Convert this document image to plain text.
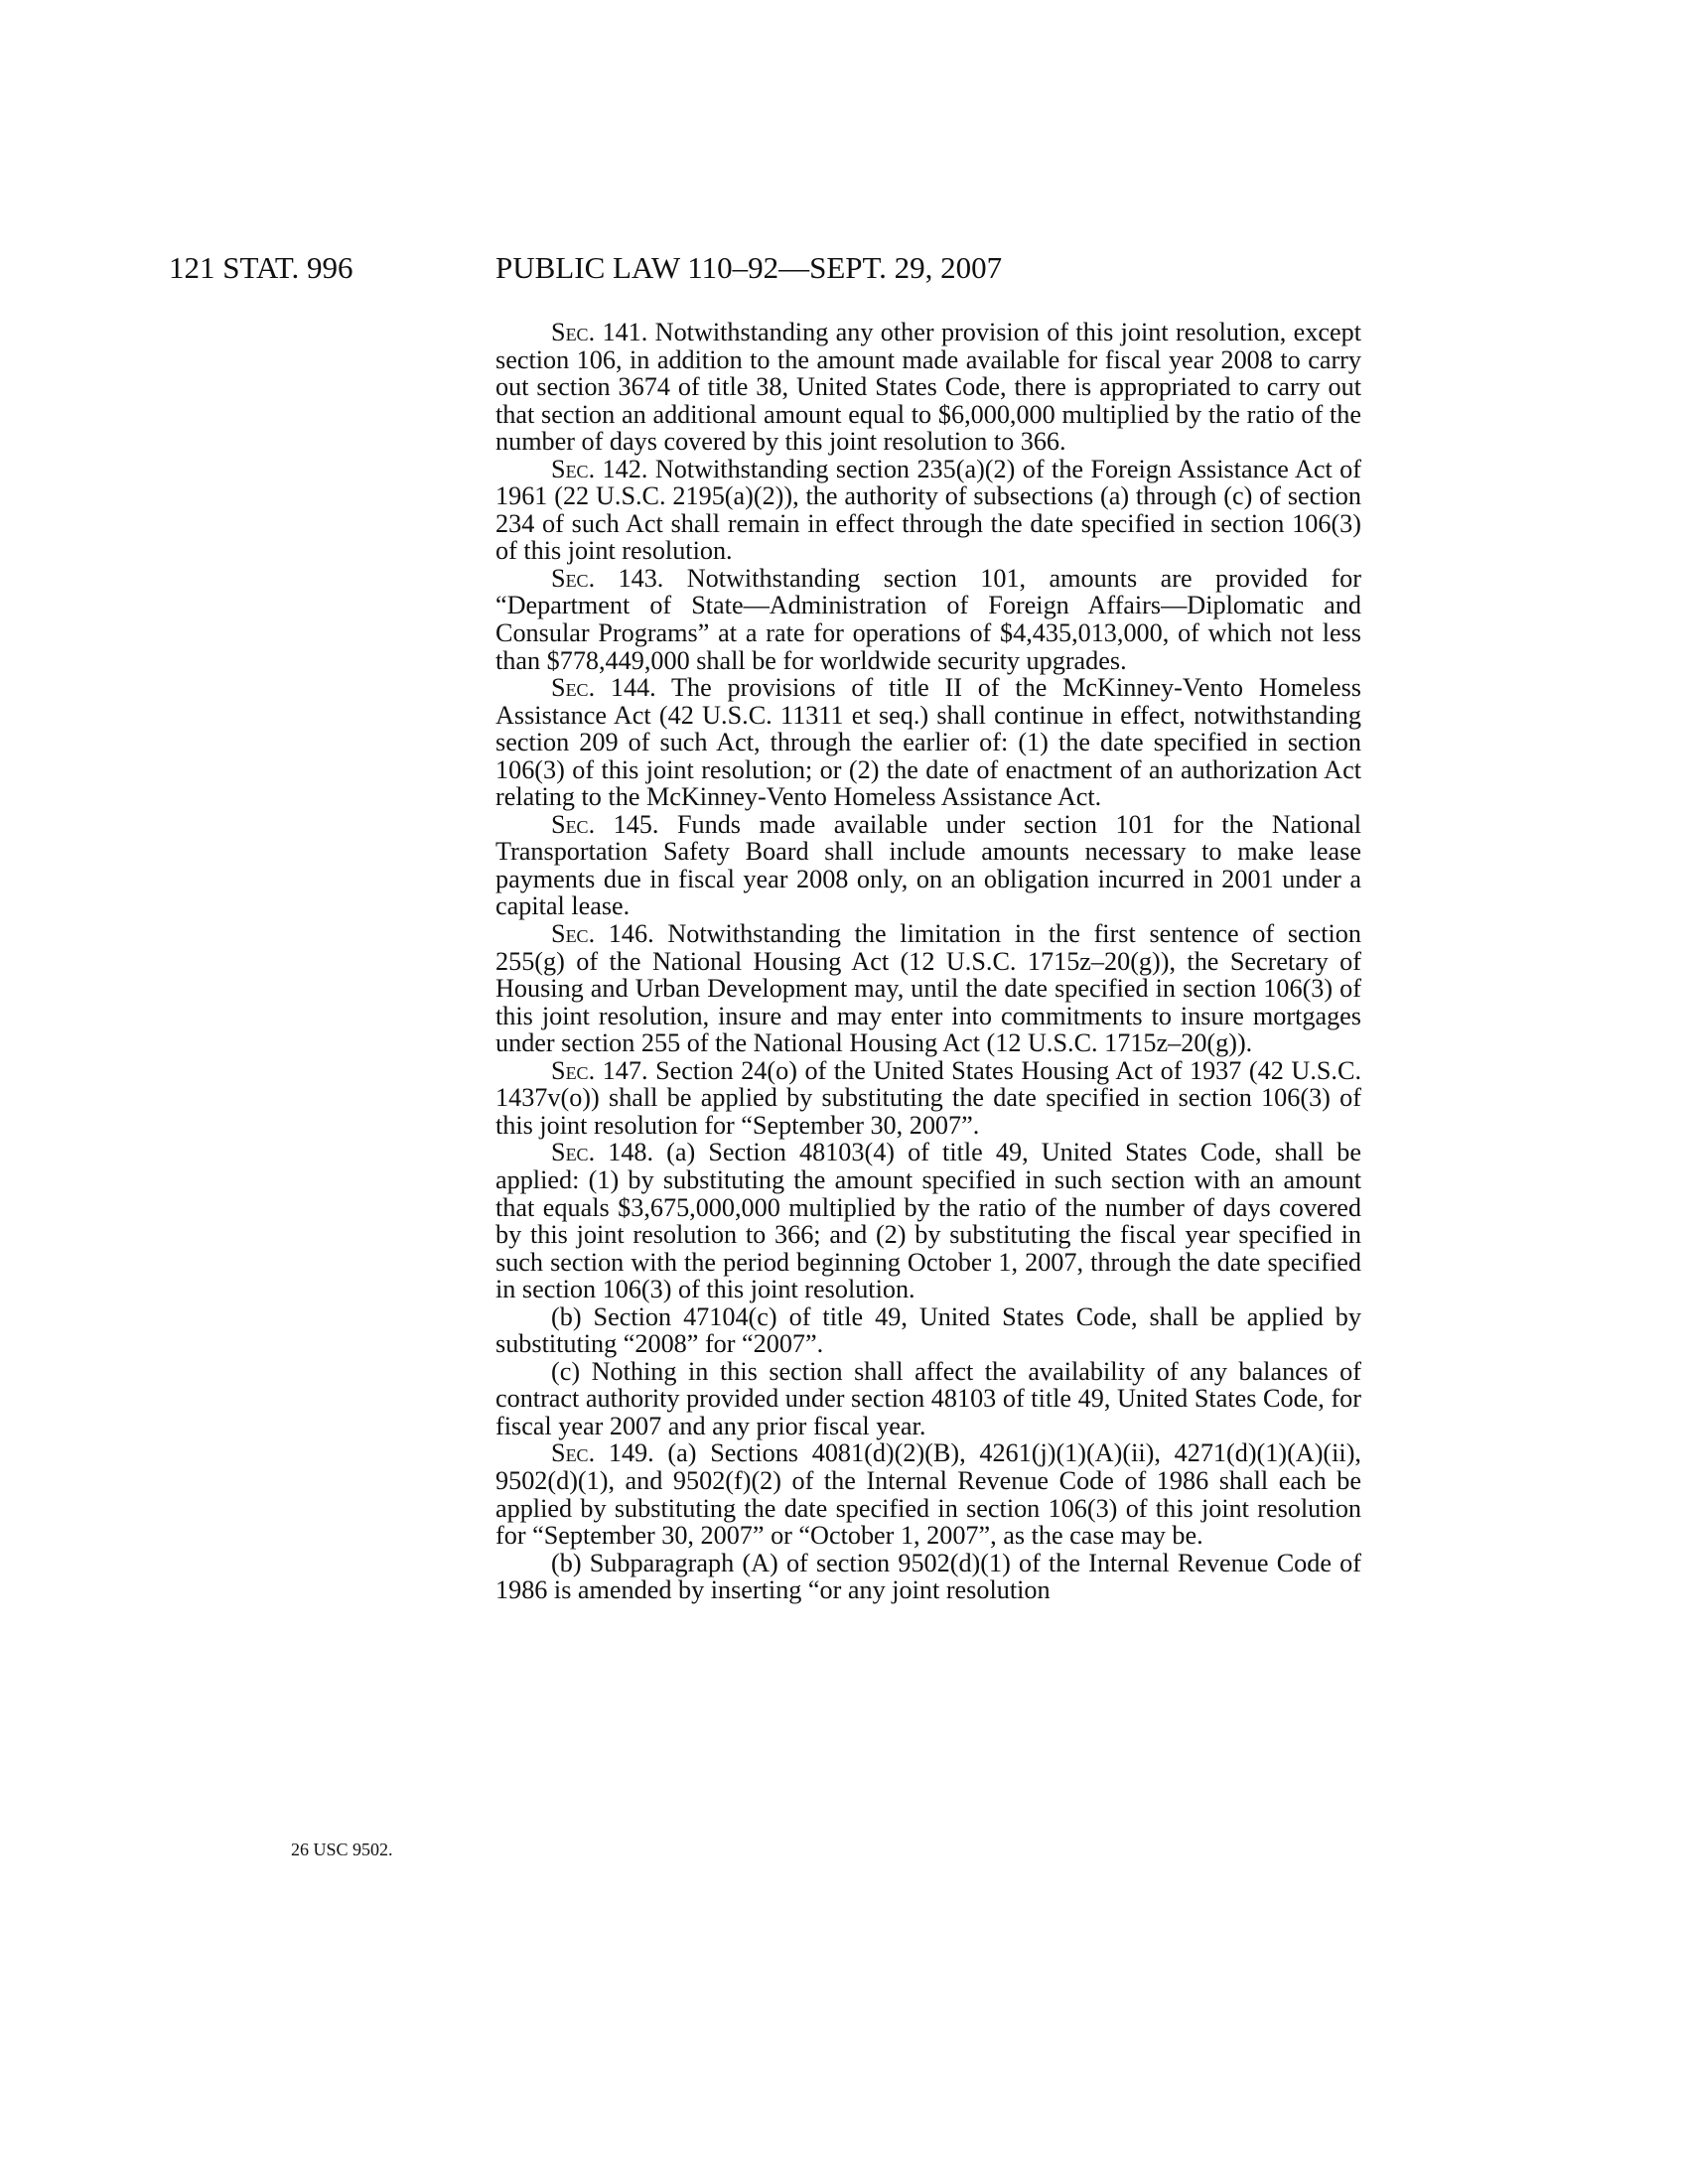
121 STAT. 996	PUBLIC LAW 110–92—SEPT. 29, 2007

Sec. 141. Notwithstanding any other provision of this joint resolution, except section 106, in addition to the amount made available for fiscal year 2008 to carry out section 3674 of title 38, United States Code, there is appropriated to carry out that section an additional amount equal to $6,000,000 multiplied by the ratio of the number of days covered by this joint resolution to 366.

Sec. 142. Notwithstanding section 235(a)(2) of the Foreign Assistance Act of 1961 (22 U.S.C. 2195(a)(2)), the authority of subsections (a) through (c) of section 234 of such Act shall remain in effect through the date specified in section 106(3) of this joint resolution.

Sec. 143. Notwithstanding section 101, amounts are provided for “Department of State—Administration of Foreign Affairs—Diplomatic and Consular Programs” at a rate for operations of $4,435,013,000, of which not less than $778,449,000 shall be for worldwide security upgrades.

Sec. 144. The provisions of title II of the McKinney-Vento Homeless Assistance Act (42 U.S.C. 11311 et seq.) shall continue in effect, notwithstanding section 209 of such Act, through the earlier of: (1) the date specified in section 106(3) of this joint resolution; or (2) the date of enactment of an authorization Act relating to the McKinney-Vento Homeless Assistance Act.

Sec. 145. Funds made available under section 101 for the National Transportation Safety Board shall include amounts necessary to make lease payments due in fiscal year 2008 only, on an obligation incurred in 2001 under a capital lease.

Sec. 146. Notwithstanding the limitation in the first sentence of section 255(g) of the National Housing Act (12 U.S.C. 1715z–20(g)), the Secretary of Housing and Urban Development may, until the date specified in section 106(3) of this joint resolution, insure and may enter into commitments to insure mortgages under section 255 of the National Housing Act (12 U.S.C. 1715z–20(g)).

Sec. 147. Section 24(o) of the United States Housing Act of 1937 (42 U.S.C. 1437v(o)) shall be applied by substituting the date specified in section 106(3) of this joint resolution for “September 30, 2007”.

Sec. 148. (a) Section 48103(4) of title 49, United States Code, shall be applied: (1) by substituting the amount specified in such section with an amount that equals $3,675,000,000 multiplied by the ratio of the number of days covered by this joint resolution to 366; and (2) by substituting the fiscal year specified in such section with the period beginning October 1, 2007, through the date specified in section 106(3) of this joint resolution.

(b) Section 47104(c) of title 49, United States Code, shall be applied by substituting “2008” for “2007”.

(c) Nothing in this section shall affect the availability of any balances of contract authority provided under section 48103 of title 49, United States Code, for fiscal year 2007 and any prior fiscal year.

Sec. 149. (a) Sections 4081(d)(2)(B), 4261(j)(1)(A)(ii), 4271(d)(1)(A)(ii), 9502(d)(1), and 9502(f)(2) of the Internal Revenue Code of 1986 shall each be applied by substituting the date specified in section 106(3) of this joint resolution for “September 30, 2007” or “October 1, 2007”, as the case may be.

(b) Subparagraph (A) of section 9502(d)(1) of the Internal Revenue Code of 1986 is amended by inserting “or any joint resolution

26 USC 9502.
